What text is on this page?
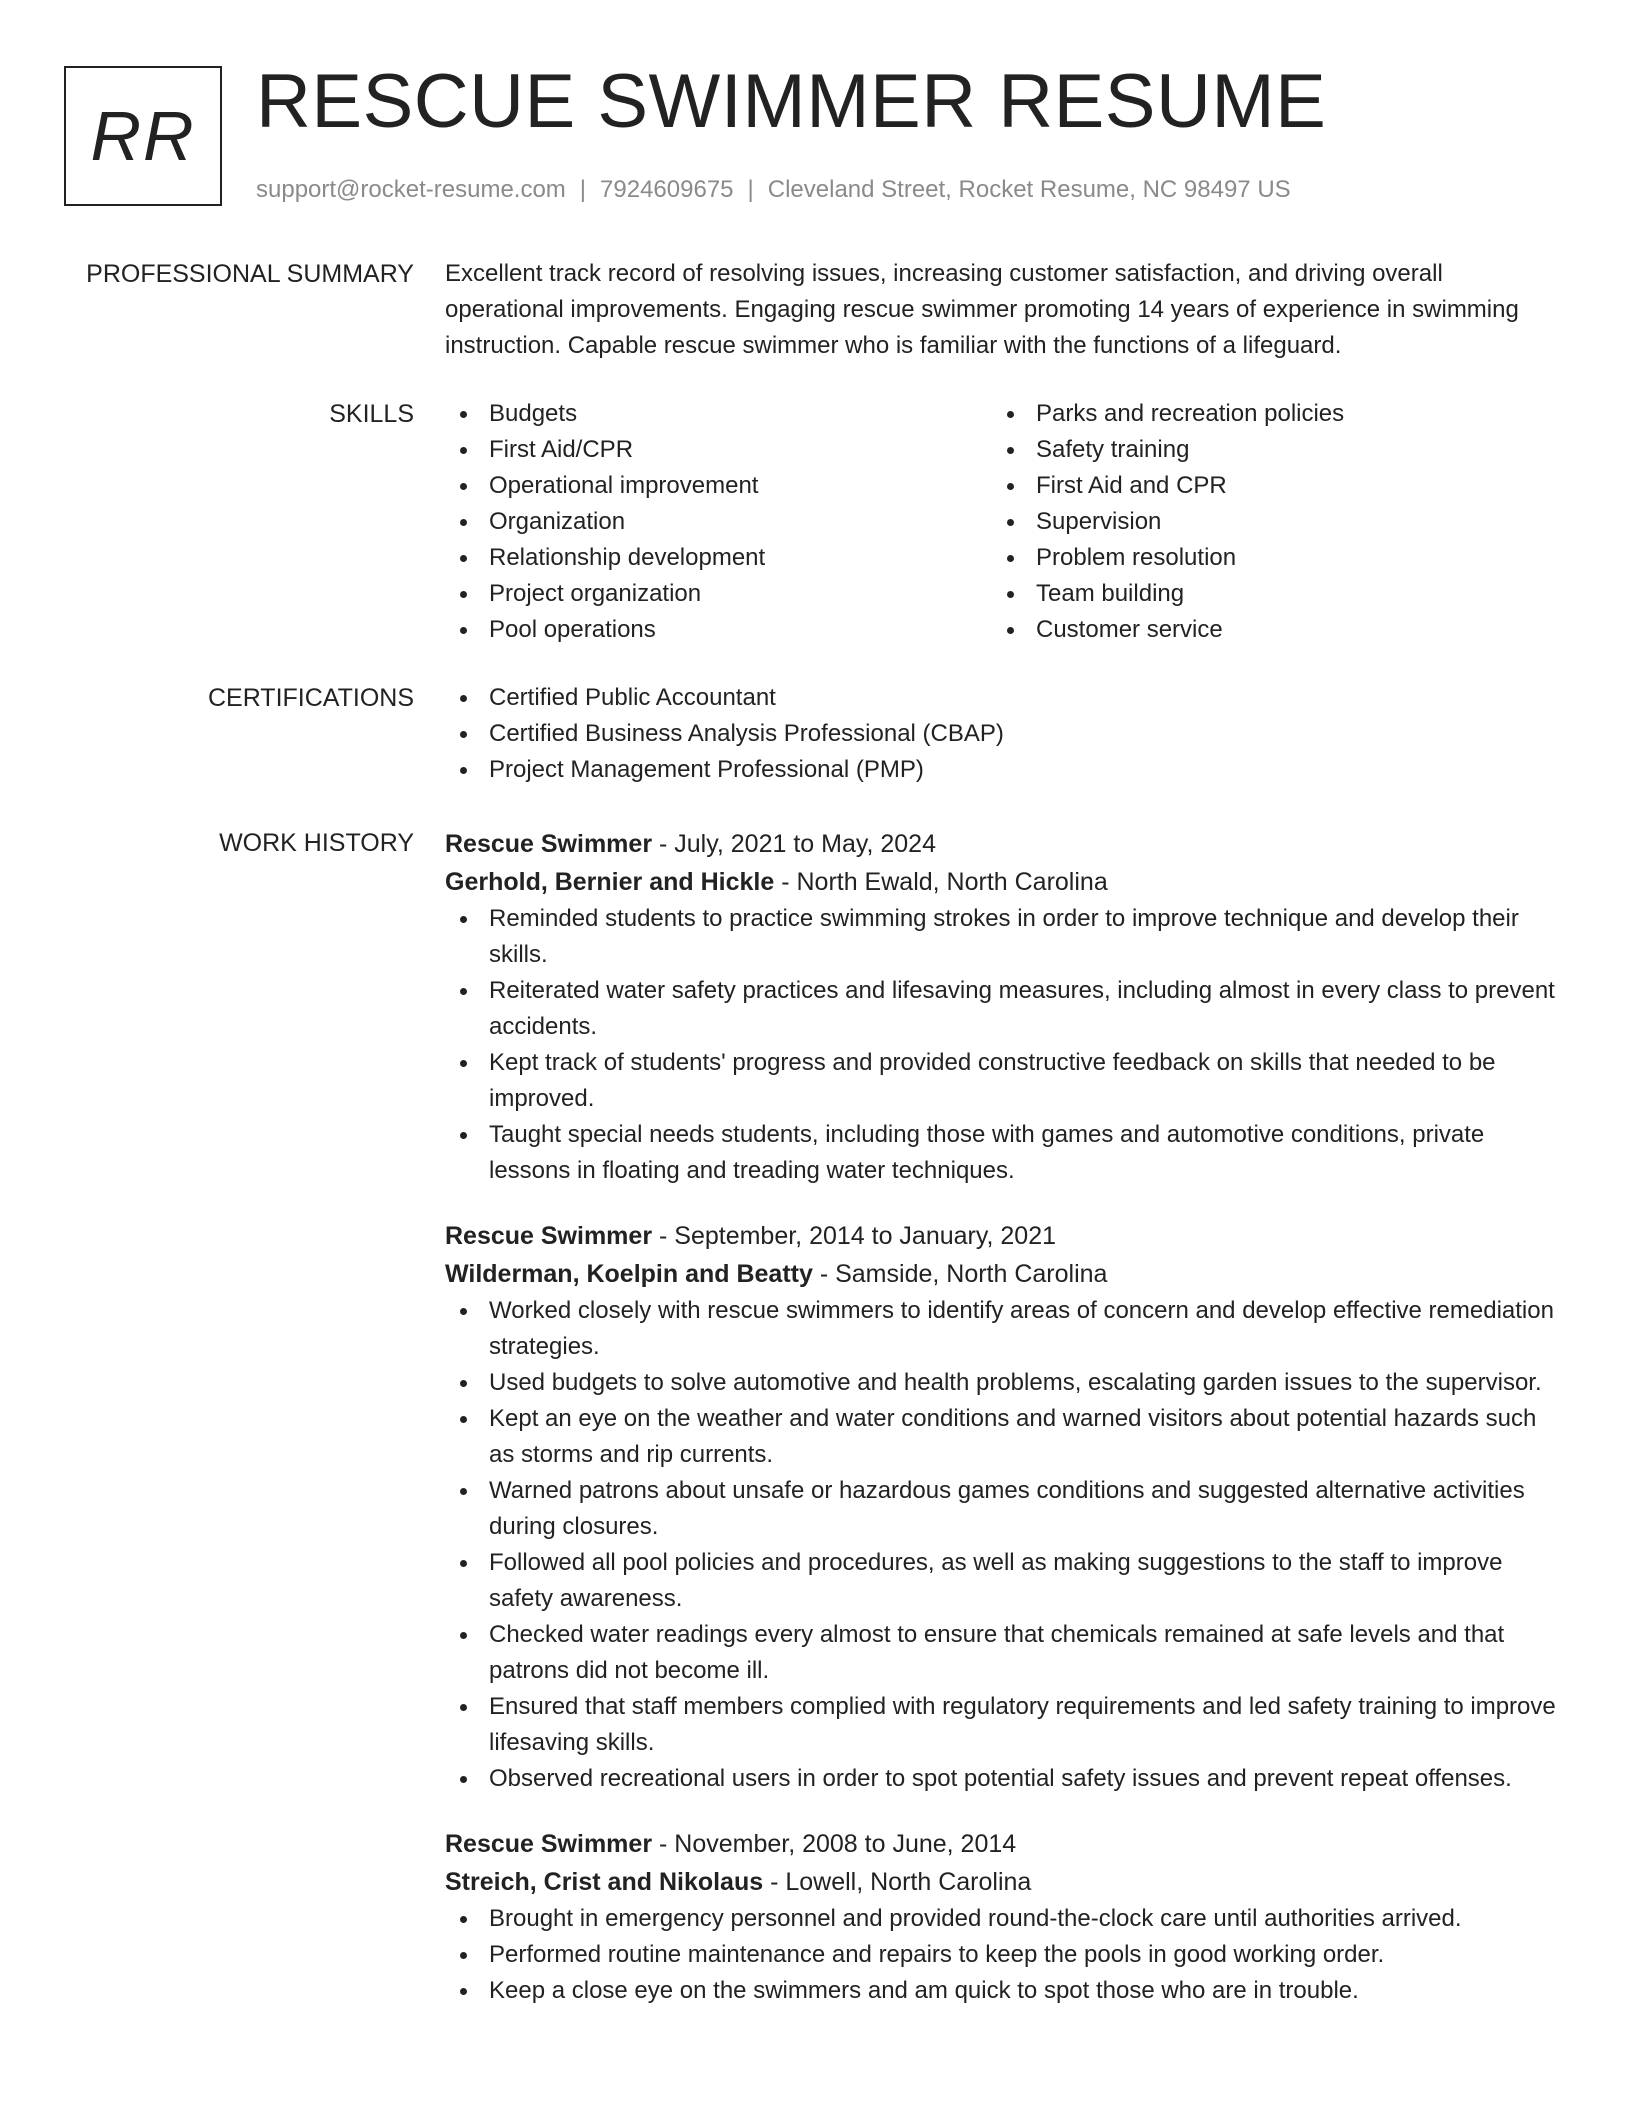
RR RESCUE SWIMMER RESUME
support@rocket-resume.com | 7924609675 | Cleveland Street, Rocket Resume, NC 98497 US
PROFESSIONAL SUMMARY Excellent track record of resolving issues, increasing customer satisfaction, and driving overall operational improvements. Engaging rescue swimmer promoting 14 years of experience in swimming instruction. Capable rescue swimmer who is familiar with the functions of a lifeguard.

SKILLS	Budgets
First Aid/CPR
Operational improvement
Organization
Relationship development
Project organization
Pool operations
Parks and recreation policies
Safety training
First Aid and CPR
Supervision
Problem resolution
Team building
Customer service
CERTIFICATIONS	Certified Public Accountant
Certified Business Analysis Professional (CBAP)
Project Management Professional (PMP)
WORK HISTORY Rescue Swimmer - July, 2021 to May, 2024
Gerhold, Bernier and Hickle - North Ewald, North Carolina
Reminded students to practice swimming strokes in order to improve technique and develop their skills.
Reiterated water safety practices and lifesaving measures, including almost in every class to prevent accidents.
Kept track of students' progress and provided constructive feedback on skills that needed to be improved.
Taught special needs students, including those with games and automotive conditions, private lessons in floating and treading water techniques.
Rescue Swimmer - September, 2014 to January, 2021
Wilderman, Koelpin and Beatty - Samside, North Carolina
Worked closely with rescue swimmers to identify areas of concern and develop effective remediation strategies.
Used budgets to solve automotive and health problems, escalating garden issues to the supervisor.
Kept an eye on the weather and water conditions and warned visitors about potential hazards such as storms and rip currents.
Warned patrons about unsafe or hazardous games conditions and suggested alternative activities during closures.
Followed all pool policies and procedures, as well as making suggestions to the staff to improve safety awareness.
Checked water readings every almost to ensure that chemicals remained at safe levels and that patrons did not become ill.
Ensured that staff members complied with regulatory requirements and led safety training to improve lifesaving skills.
Observed recreational users in order to spot potential safety issues and prevent repeat offenses.
Rescue Swimmer - November, 2008 to June, 2014
Streich, Crist and Nikolaus - Lowell, North Carolina
Brought in emergency personnel and provided round-the-clock care until authorities arrived.
Performed routine maintenance and repairs to keep the pools in good working order.
Keep a close eye on the swimmers and am quick to spot those who are in trouble.
